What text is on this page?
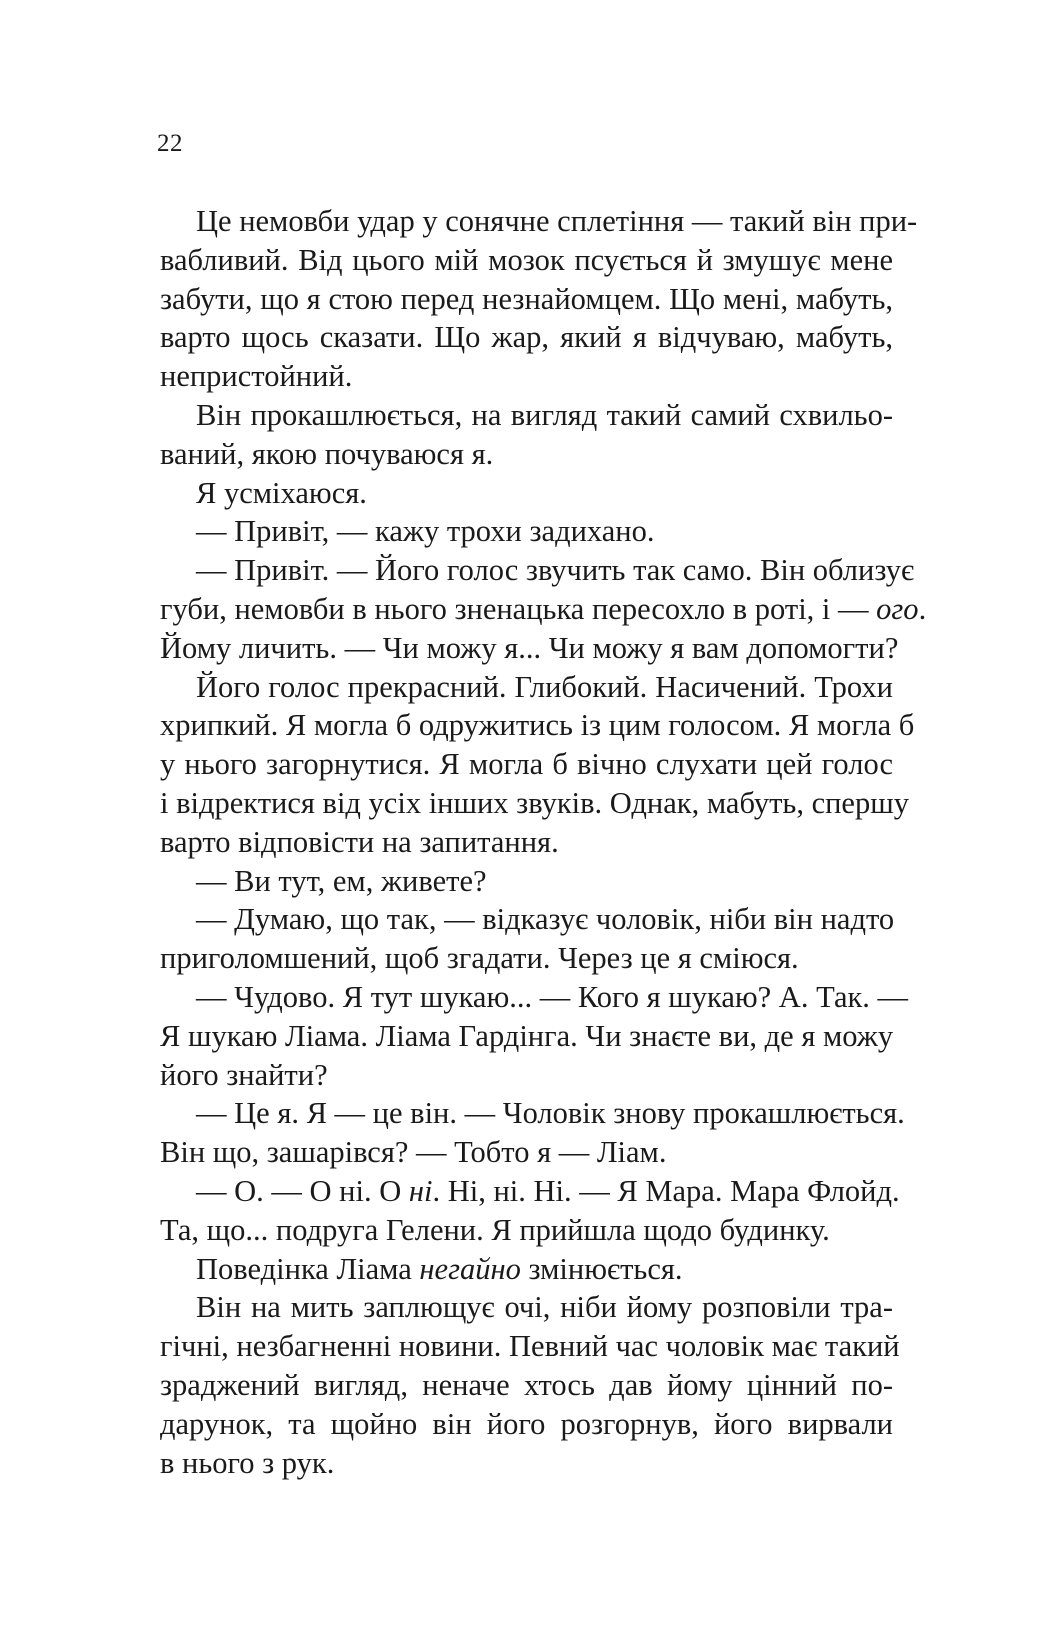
22
Це немовби удар у сонячне сплетіння — такий він при-
вабливий. Від цього мій мозок псується й змушує мене
забути, що я стою перед незнайомцем. Що мені, мабуть,
варто щось сказати. Що жар, який я відчуваю, мабуть,
непристойний.
Він прокашлюється, на вигляд такий самий схвильо-
ваний, якою почуваюся я.
Я усміхаюся.
— Привіт, — кажу трохи задихано.
— Привіт. — Його голос звучить так само. Він облизує
губи, немовби в нього зненацька пересохло в роті, і — ого.
Йому личить. — Чи можу я... Чи можу я вам допомогти?
Його голос прекрасний. Глибокий. Насичений. Трохи
хрипкий. Я могла б одружитись із цим голосом. Я могла б
у нього загорнутися. Я могла б вічно слухати цей голос
і відректися від усіх інших звуків. Однак, мабуть, спершу
варто відповісти на запитання.
— Ви тут, ем, живете?
— Думаю, що так, — відказує чоловік, ніби він надто
приголомшений, щоб згадати. Через це я сміюся.
— Чудово. Я тут шукаю... — Кого я шукаю? А. Так. —
Я шукаю Ліама. Ліама Гардінга. Чи знаєте ви, де я можу
його знайти?
— Це я. Я — це він. — Чоловік знову прокашлюється.
Він що, зашарівся? — Тобто я — Ліам.
— О. — О ні. О ні. Ні, ні. Ні. — Я Мара. Мара Флойд.
Та, що... подруга Гелени. Я прийшла щодо будинку.
Поведінка Ліама негайно змінюється.
Він на мить заплющує очі, ніби йому розповіли тра-
гічні, незбагненні новини. Певний час чоловік має такий
зраджений вигляд, неначе хтось дав йому цінний по-
дарунок, та щойно він його розгорнув, його вирвали
в нього з рук.
